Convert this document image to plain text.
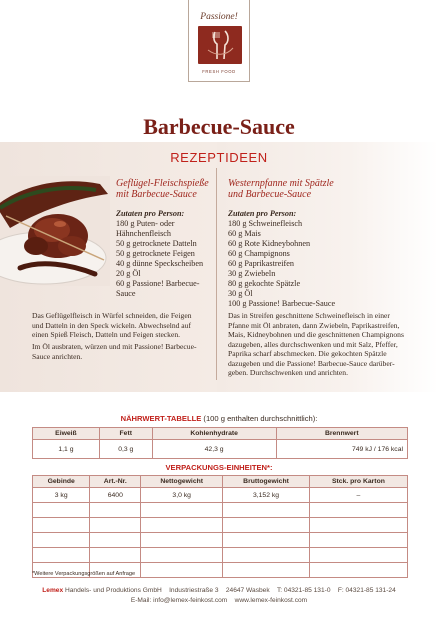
Passione!
FRESH FOOD
Barbecue-Sauce
REZEPTIDEEN
Geflügel-Fleischspieße
mit Barbecue-Sauce
Zutaten pro Person:
180 g Puten- oder
Hähnchenfleisch
50 g getrocknete Datteln
50 g getrocknete Feigen
40 g dünne Speckscheiben
20 g Öl
60 g Passione! Barbecue-
Sauce
Das Geflügelfleisch in Würfel schneiden, die Feigen
und Datteln in den Speck wickeln. Abwechselnd auf
einen Spieß Fleisch, Datteln und Feigen stecken.
Im Öl ausbraten, würzen und mit Passione! Barbecue-
Sauce anrichten.
Westernpfanne mit Spätzle
und Barbecue-Sauce
Zutaten pro Person:
180 g Schweinefleisch
60 g Mais
60 g Rote Kidneybohnen
60 g Champignons
60 g Paprikastreifen
30 g Zwiebeln
80 g gekochte Spätzle
30 g Öl
100 g Passione! Barbecue-Sauce
Das in Streifen geschnittene Schweinefleisch in einer
Pfanne mit Öl anbraten, dann Zwiebeln, Paprikastreifen,
Mais, Kidneybohnen und die geschnittenen Champignons
dazugeben, alles durchschwenken und mit Salz, Pfeffer,
Paprika scharf abschmecken. Die gekochten Spätzle
dazugeben und die Passione! Barbecue-Sauce darüber-
geben. Durchschwenken und anrichten.
NÄHRWERT-TABELLE (100 g enthalten durchschnittlich):
Eiweiß	Fett	Kohlenhydrate	Brennwert
1,1 g	0,3 g	42,3 g	749 kJ / 176 kcal
VERPACKUNGS-EINHEITEN*:
Gebinde	Art.-Nr.	Nettogewicht	Bruttogewicht	Stck. pro Karton
3 kg	6400	3,0 kg	3,152 kg	–

*Weitere Verpackungsgrößen auf Anfrage
Lemex Handels- und Produktions GmbH Industriestraße 3 24647 Wasbek T: 04321-85 131-0 F: 04321-85 131-24
E-Mail: info@lemex-feinkost.com www.lemex-feinkost.com
